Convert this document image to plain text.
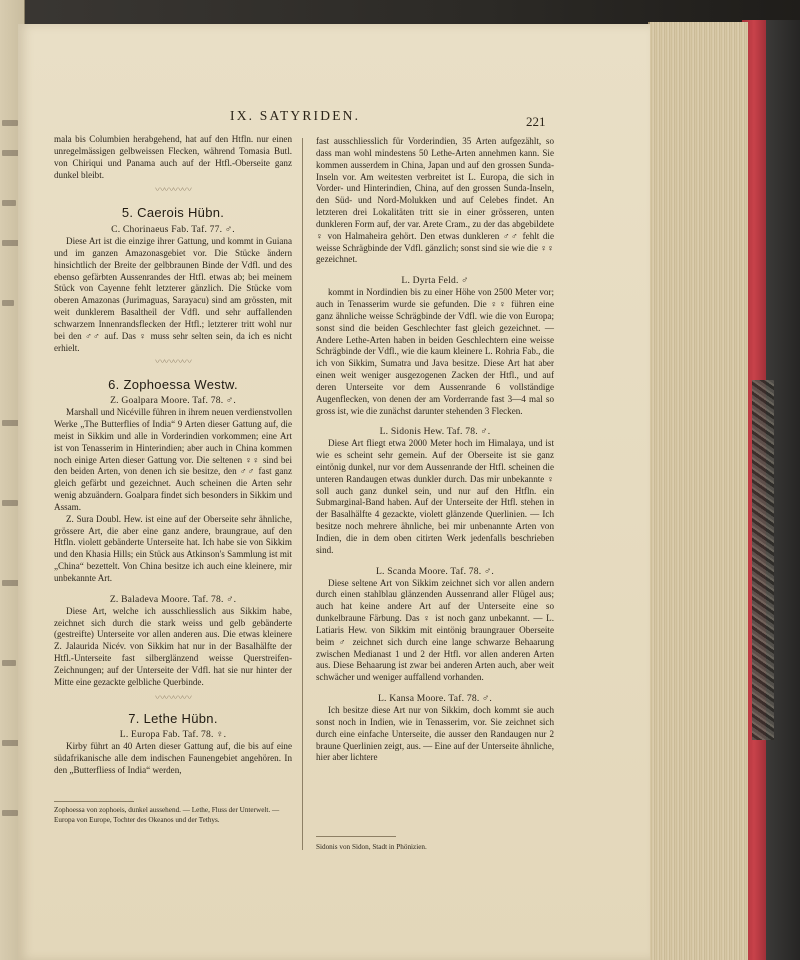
IX. SATYRIDEN.	221

mala bis Columbien herabgehend, hat auf den Htfln. nur einen unregelmässigen gelbweissen Flecken, während Tomasia Butl. von Chiriqui und Panama auch auf der Htfl.-Oberseite ganz dunkel bleibt.

〰〰〰〰
5. Caerois Hübn.
C. Chorinaeus Fab. Taf. 77. ♂.

Diese Art ist die einzige ihrer Gattung, und kommt in Guiana und im ganzen Amazonasgebiet vor. Die Stücke ändern hinsichtlich der Breite der gelbbraunen Binde der Vdfl. und des ebenso gefärbten Aussenrandes der Htfl. etwas ab; bei meinem Stück von Cayenne fehlt letzterer gänzlich. Die Stücke vom oberen Amazonas (Jurimaguas, Sarayacu) sind am grössten, mit weit dunklerem Basaltheil der Vdfl. und sehr auffallenden schwarzem Innenrandsflecken der Htfl.; letzterer tritt wohl nur bei den ♂♂ auf. Das ♀ muss sehr selten sein, da ich es nicht erhielt.

〰〰〰〰
6. Zophoessa Westw.
Z. Goalpara Moore. Taf. 78. ♂.

Marshall und Nicéville führen in ihrem neuen verdienstvollen Werke „The Butterflies of India“ 9 Arten dieser Gattung auf, die meist in Sikkim und alle in Vorderindien vorkommen; eine Art ist von Tenasserim in Hinterindien; aber auch in China kommen noch einige Arten dieser Gattung vor. Die seltenen ♀♀ sind bei den beiden Arten, von denen ich sie besitze, den ♂♂ fast ganz gleich gefärbt und gezeichnet. Auch scheinen die Arten sehr wenig abzuändern. Goalpara findet sich besonders in Sikkim und Assam.

Z. Sura Doubl. Hew. ist eine auf der Oberseite sehr ähnliche, grössere Art, die aber eine ganz andere, braungraue, auf den Htfln. violett gebänderte Unterseite hat. Ich habe sie von Sikkim und den Khasia Hills; ein Stück aus Atkinson's Sammlung ist mit „China“ bezettelt. Von China besitze ich auch eine kleinere, mir unbekannte Art.

Z. Baladeva Moore. Taf. 78. ♂.

Diese Art, welche ich ausschliesslich aus Sikkim habe, zeichnet sich durch die stark weiss und gelb gebänderte (gestreifte) Unterseite vor allen anderen aus. Die etwas kleinere Z. Jalaurida Nicév. von Sikkim hat nur in der Basalhälfte der Htfl.-Unterseite fast silberglänzend weisse Querstreifen-Zeichnungen; auf der Unterseite der Vdfl. hat sie nur hinter der Mitte eine gezackte gelbliche Querbinde.

〰〰〰〰
7. Lethe Hübn.
L. Europa Fab. Taf. 78. ♀.

Kirby führt an 40 Arten dieser Gattung auf, die bis auf eine südafrikanische alle dem indischen Faunengebiet angehören. In den „Butterfliess of India“ werden,

Zophoessa von zophoeis, dunkel aussehend. — Lethe, Fluss der Unterwelt. — Europa von Europe, Tochter des Okeanos und der Tethys.

fast ausschliesslich für Vorderindien, 35 Arten aufgezählt, so dass man wohl mindestens 50 Lethe-Arten annehmen kann. Sie kommen ausserdem in China, Japan und auf den grossen Sunda-Inseln vor. Am weitesten verbreitet ist L. Europa, die sich in Vorder- und Hinterindien, China, auf den grossen Sunda-Inseln, den Süd- und Nord-Molukken und auf Celebes findet. An letzteren drei Lokalitäten tritt sie in einer grösseren, unten dunkleren Form auf, der var. Arete Cram., zu der das abgebildete ♀ von Halmaheira gehört. Den etwas dunkleren ♂♂ fehlt die weisse Schrägbinde der Vdfl. gänzlich; sonst sind sie wie die ♀♀ gezeichnet.

L. Dyrta Feld. ♂

kommt in Nordindien bis zu einer Höhe von 2500 Meter vor; auch in Tenasserim wurde sie gefunden. Die ♀♀ führen eine ganz ähnliche weisse Schrägbinde der Vdfl. wie die von Europa; sonst sind die beiden Geschlechter fast gleich gezeichnet. — Andere Lethe-Arten haben in beiden Geschlechtern eine weisse Schrägbinde der Vdfl., wie die kaum kleinere L. Rohria Fab., die ich von Sikkim, Sumatra und Java besitze. Diese Art hat aber einen weit weniger ausgezogenen Zacken der Htfl., und auf deren Unterseite vor dem Aussenrande 6 vollständige Augenflecken, von denen der am Vorderrande fast 3—4 mal so gross ist, wie die zunächst darunter stehenden 3 Flecken.

L. Sidonis Hew. Taf. 78. ♂.

Diese Art fliegt etwa 2000 Meter hoch im Himalaya, und ist wie es scheint sehr gemein. Auf der Oberseite ist sie ganz eintönig dunkel, nur vor dem Aussenrande der Htfl. scheinen die unteren Randaugen etwas dunkler durch. Das mir unbekannte ♀ soll auch ganz dunkel sein, und nur auf den Htfln. ein Submarginal-Band haben. Auf der Unterseite der Htfl. stehen in der Basalhälfte 4 gezackte, violett glänzende Querlinien. — Ich besitze noch mehrere ähnliche, bei mir unbenannte Arten von Indien, die in dem oben citirten Werk jedenfalls beschrieben sind.

L. Scanda Moore. Taf. 78. ♂.

Diese seltene Art von Sikkim zeichnet sich vor allen andern durch einen stahlblau glänzenden Aussenrand aller Flügel aus; auch hat keine andere Art auf der Unterseite eine so dunkelbraune Färbung. Das ♀ ist noch ganz unbekannt. — L. Latiaris Hew. von Sikkim mit eintönig braungrauer Oberseite beim ♂ zeichnet sich durch eine lange schwarze Behaarung zwischen Medianast 1 und 2 der Htfl. vor allen anderen Arten aus. Diese Behaarung ist zwar bei anderen Arten auch, aber weit schwächer und weniger auffallend vorhanden.

L. Kansa Moore. Taf. 78. ♂.

Ich besitze diese Art nur von Sikkim, doch kommt sie auch sonst noch in Indien, wie in Tenasserim, vor. Sie zeichnet sich durch eine einfache Unterseite, die ausser den Randaugen nur 2 braune Querlinien zeigt, aus. — Eine auf der Unterseite ähnliche, hier aber lichtere

Sidonis von Sidon, Stadt in Phönizien.
